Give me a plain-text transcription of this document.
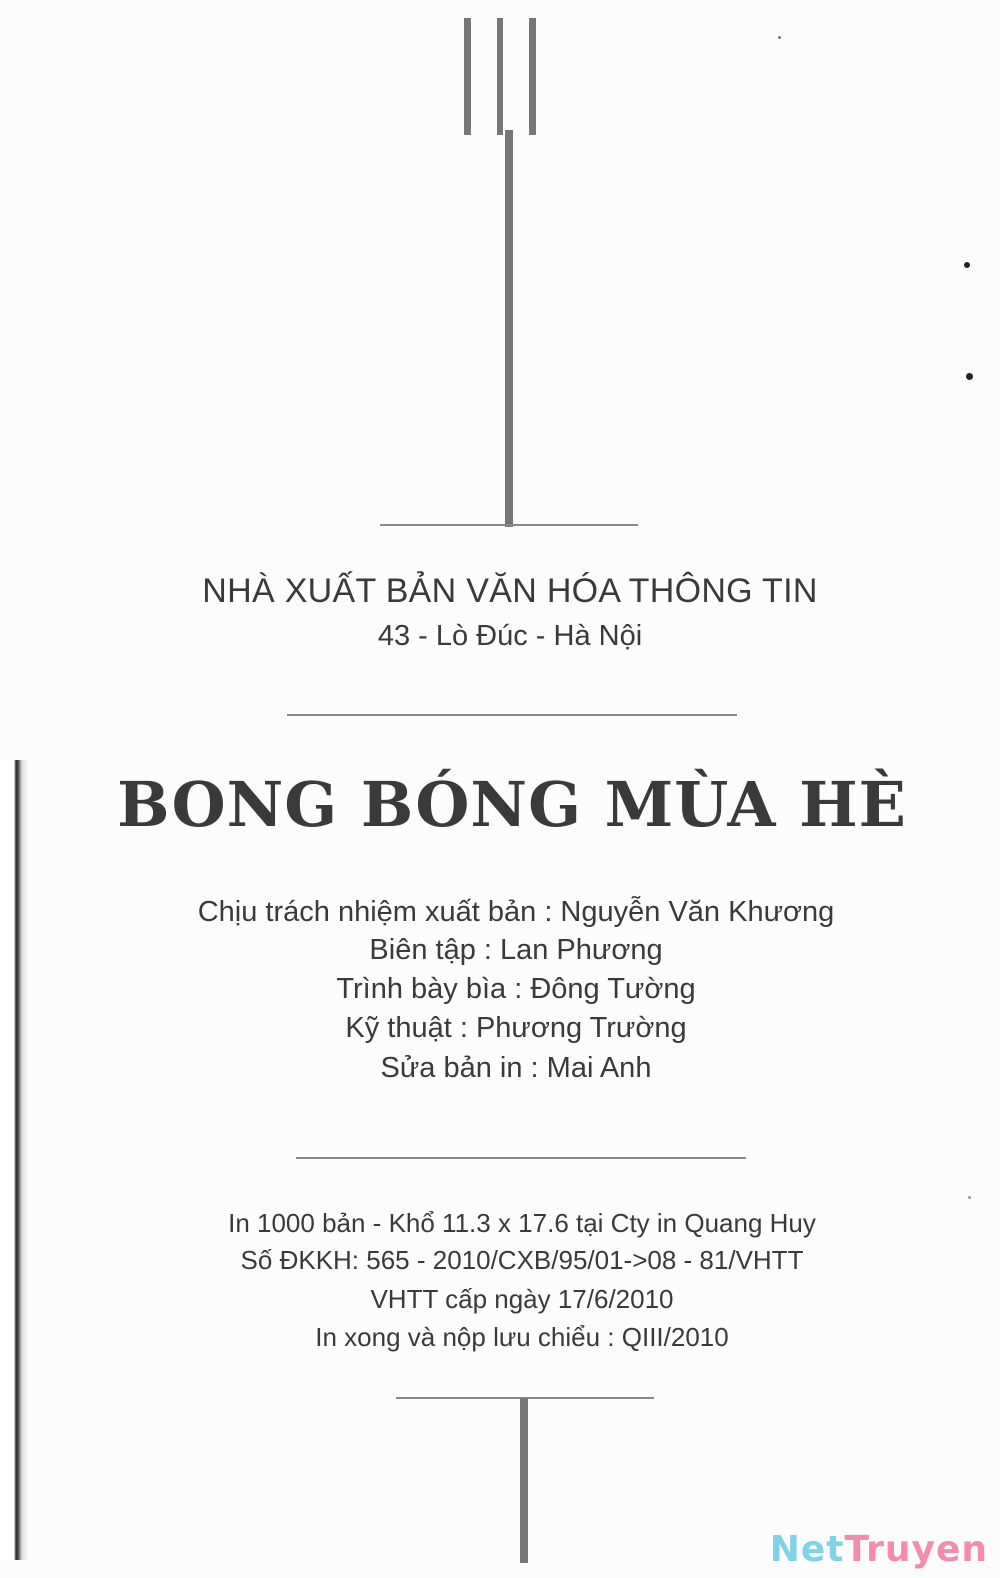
NHÀ XUẤT BẢN VĂN HÓA THÔNG TIN
43 - Lò Đúc - Hà Nội
BONG BÓNG MÙA HÈ
Chịu trách nhiệm xuất bản : Nguyễn Văn Khương
Biên tập : Lan Phương
Trình bày bìa : Đông Tường
Kỹ thuật : Phương Trường
Sửa bản in : Mai Anh
In 1000 bản - Khổ 11.3 x 17.6 tại Cty in Quang Huy
Số ĐKKH: 565 - 2010/CXB/95/01->08 - 81/VHTT
VHTT cấp ngày 17/6/2010
In xong và nộp lưu chiểu : QIII/2010
NetTruyen
